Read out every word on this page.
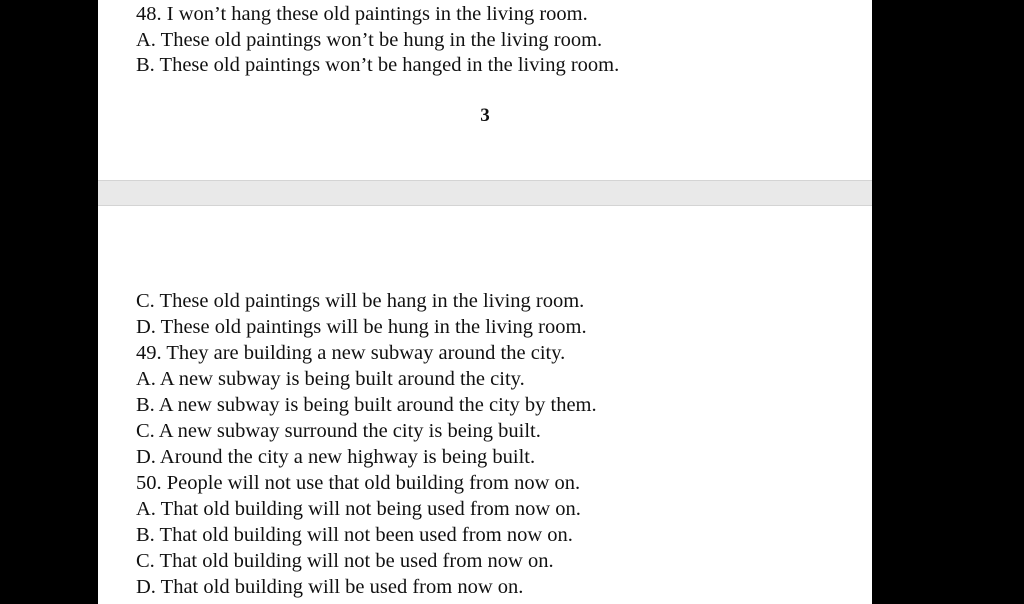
48. I won’t hang these old paintings in the living room.
A. These old paintings won’t be hung in the living room.
B. These old paintings won’t be hanged in the living room.
3
C. These old paintings will be hang in the living room.
D. These old paintings will be hung in the living room.
49. They are building a new subway around the city.
A. A new subway is being built around the city.
B. A new subway is being built around the city by them.
C. A new subway surround the city is being built.
D. Around the city a new highway is being built.
50. People will not use that old building from now on.
A. That old building will not being used from now on.
B. That old building will not been used from now on.
C. That old building will not be used from now on.
D. That old building will be used from now on.
